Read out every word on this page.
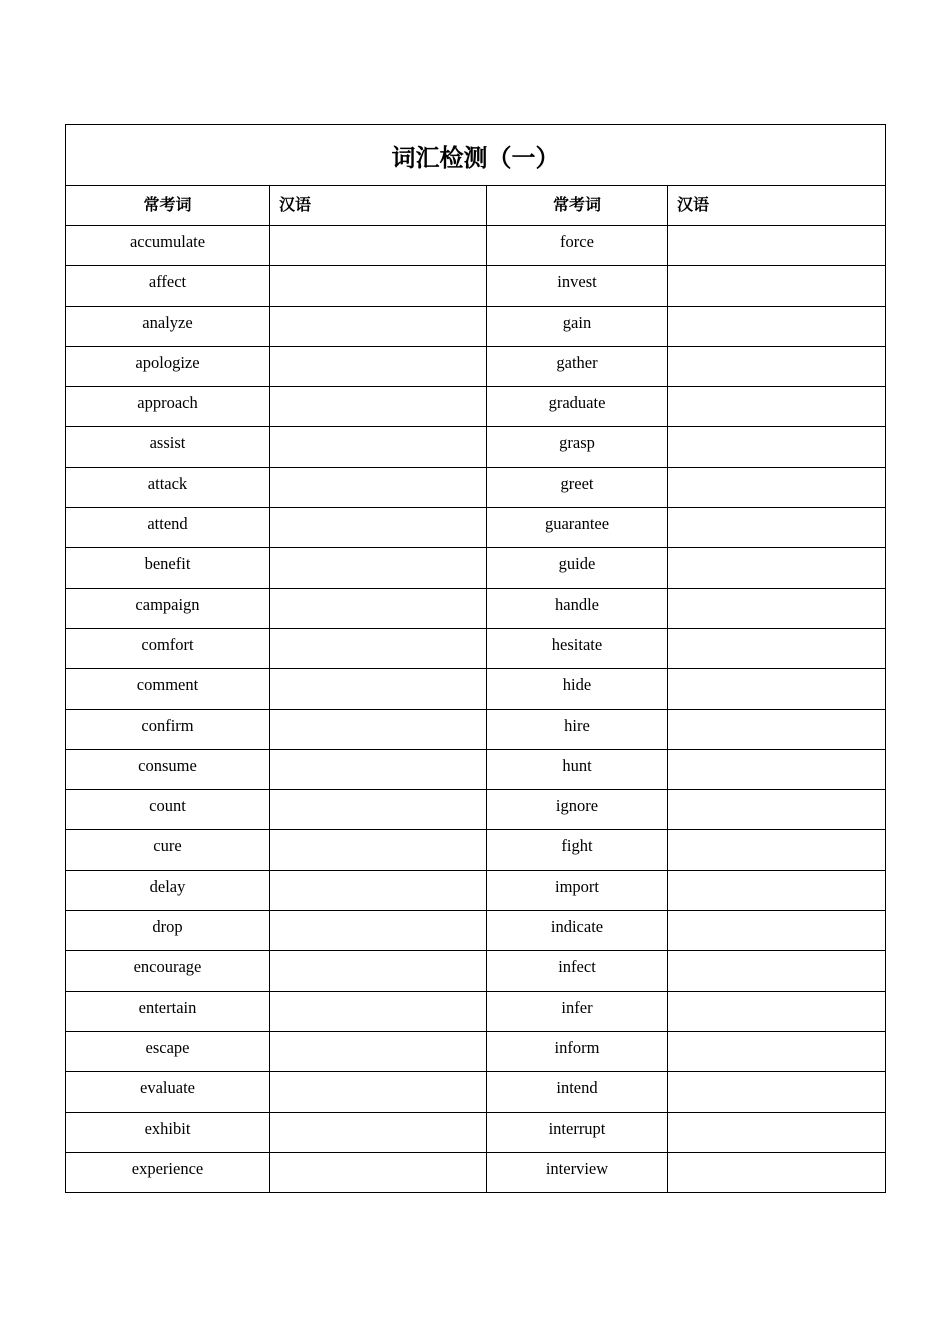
词汇检测（一）			
常考词	汉语	常考词	汉语
accumulate		force	
affect		invest	
analyze		gain	
apologize		gather	
approach		graduate	
assist		grasp	
attack		greet	
attend		guarantee	
benefit		guide	
campaign		handle	
comfort		hesitate	
comment		hide	
confirm		hire	
consume		hunt	
count		ignore	
cure		fight	
delay		import	
drop		indicate	
encourage		infect	
entertain		infer	
escape		inform	
evaluate		intend	
exhibit		interrupt	
experience		interview	
